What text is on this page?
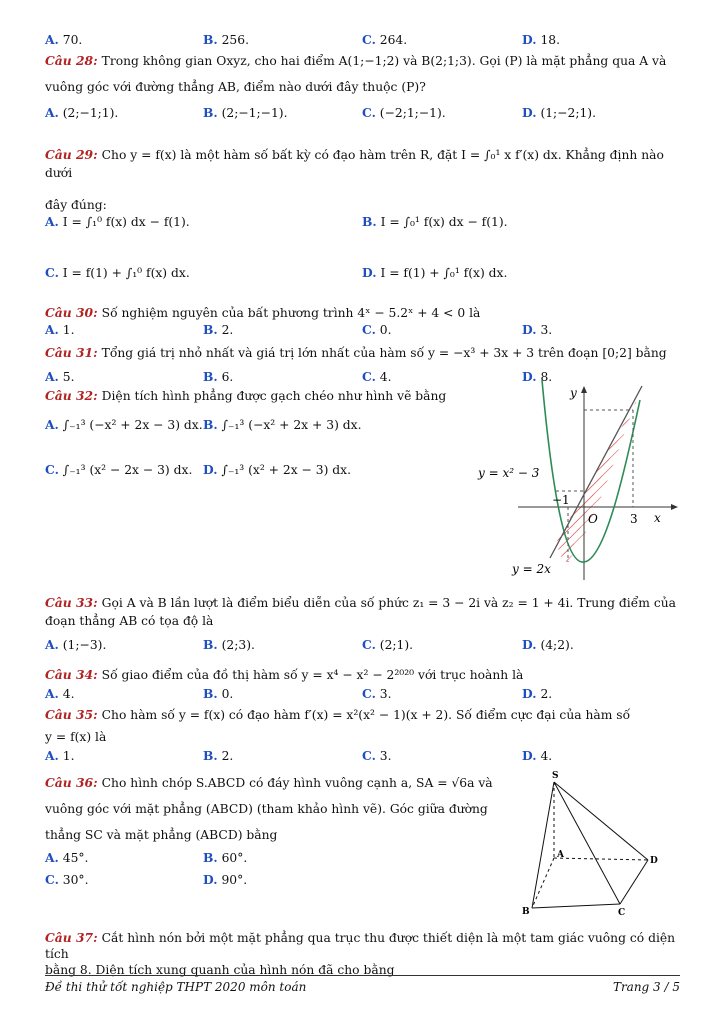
A. 70.	B. 256.	C. 264.	D. 18.
Câu 28: Trong không gian Oxyz, cho hai điểm A(1;−1;2) và B(2;1;3). Gọi (P) là mặt phẳng qua A và
vuông góc với đường thẳng AB, điểm nào dưới đây thuộc (P)?
A. (2;−1;1).	B. (2;−1;−1).	C. (−2;1;−1).	D. (1;−2;1).
Câu 29: Cho y = f(x) là một hàm số bất kỳ có đạo hàm trên R, đặt I = ∫₀¹ x f′(x) dx. Khẳng định nào dưới
đây đúng:
A. I = ∫₁⁰ f(x) dx − f(1).	B. I = ∫₀¹ f(x) dx − f(1).
C. I = f(1) + ∫₁⁰ f(x) dx.	D. I = f(1) + ∫₀¹ f(x) dx.
Câu 30: Số nghiệm nguyên của bất phương trình 4ˣ − 5.2ˣ + 4 < 0 là
A. 1.	B. 2.	C. 0.	D. 3.
Câu 31: Tổng giá trị nhỏ nhất và giá trị lớn nhất của hàm số y = −x³ + 3x + 3 trên đoạn [0;2] bằng
A. 5.	B. 6.	C. 4.	D. 8.
Câu 32: Diện tích hình phẳng được gạch chéo như hình vẽ bằng
A. ∫₋₁³ (−x² + 2x − 3) dx. B. ∫₋₁³ (−x² + 2x + 3) dx.
C. ∫₋₁³ (x² − 2x − 3) dx. D. ∫₋₁³ (x² + 2x − 3) dx.
y
x
O
−1
3
y = x² − 3
y = 2x
Câu 33: Gọi A và B lần lượt là điểm biểu diễn của số phức z₁ = 3 − 2i và z₂ = 1 + 4i. Trung điểm của
đoạn thẳng AB có tọa độ là
A. (1;−3).	B. (2;3).	C. (2;1).	D. (4;2).
Câu 34: Số giao điểm của đồ thị hàm số y = x⁴ − x² − 2²⁰²⁰ với trục hoành là
A. 4.	B. 0.	C. 3.	D. 2.
Câu 35: Cho hàm số y = f(x) có đạo hàm f′(x) = x²(x² − 1)(x + 2). Số điểm cực đại của hàm số
y = f(x) là
A. 1.	B. 2.	C. 3.	D. 4.
Câu 36: Cho hình chóp S.ABCD có đáy hình vuông cạnh a, SA = √6a và
vuông góc với mặt phẳng (ABCD) (tham khảo hình vẽ). Góc giữa đường
thẳng SC và mặt phẳng (ABCD) bằng
A. 45°.	B. 60°.
C. 30°.	D. 90°.
S
A
D
B	C
Câu 37: Cắt hình nón bởi một mặt phẳng qua trục thu được thiết diện là một tam giác vuông có diện tích
bằng 8. Diện tích xung quanh của hình nón đã cho bằng
Đề thi thử tốt nghiệp THPT 2020 môn toán	Trang 3 / 5
